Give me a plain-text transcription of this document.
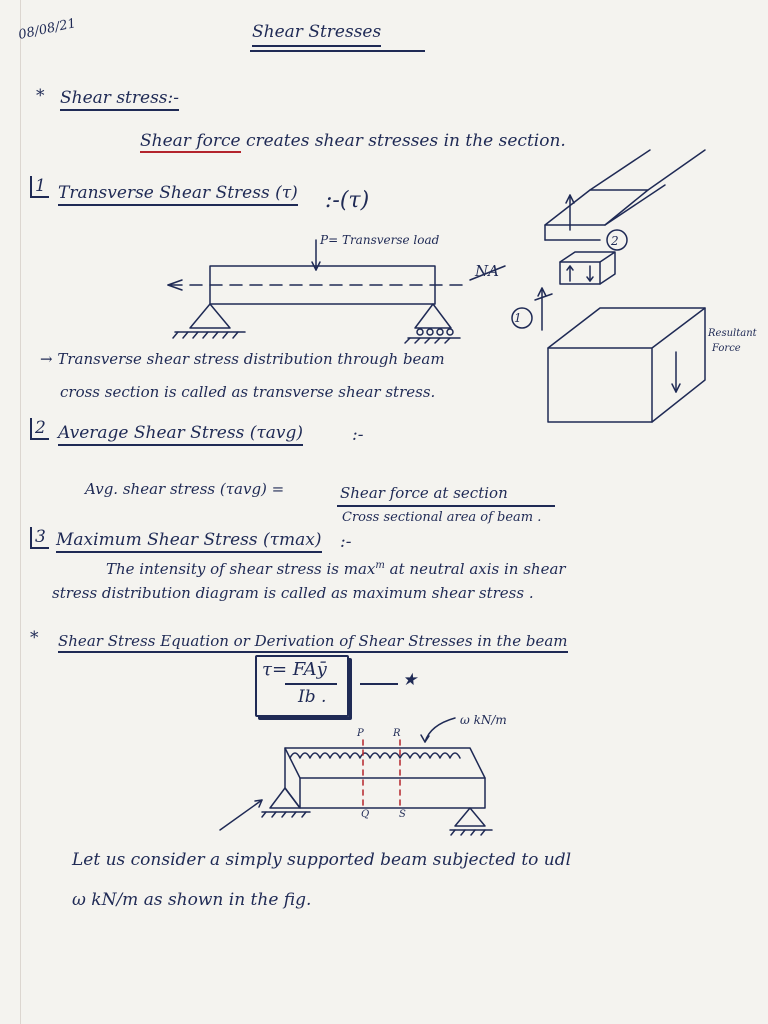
08/08/21	Shear Stresses
* Shear stress:-
Shear force creates shear stresses in the section.
1 Transverse Shear Stress (τ) :-(τ)
P= Transverse load
NA
1
2
Resultant
Force
→ Transverse shear stress distribution through beam
cross section is called as transverse shear stress.
2 Average Shear Stress (τavg)	:-
Avg. shear stress (τavg) =	Shear force at section
Cross sectional area of beam .
3 Maximum Shear Stress (τmax) :-
The intensity of shear stress is $\max^m$ at neutral axis in shear
stress distribution diagram is called as maximum shear stress .
* Shear Stress Equation or Derivation of Shear Stresses in the beam
τ= FAȳ
Ib .
★
ω kN/m
P	R
Q	S
Let us consider a simply supported beam subjected to udl
ω kN/m as shown in the fig.
